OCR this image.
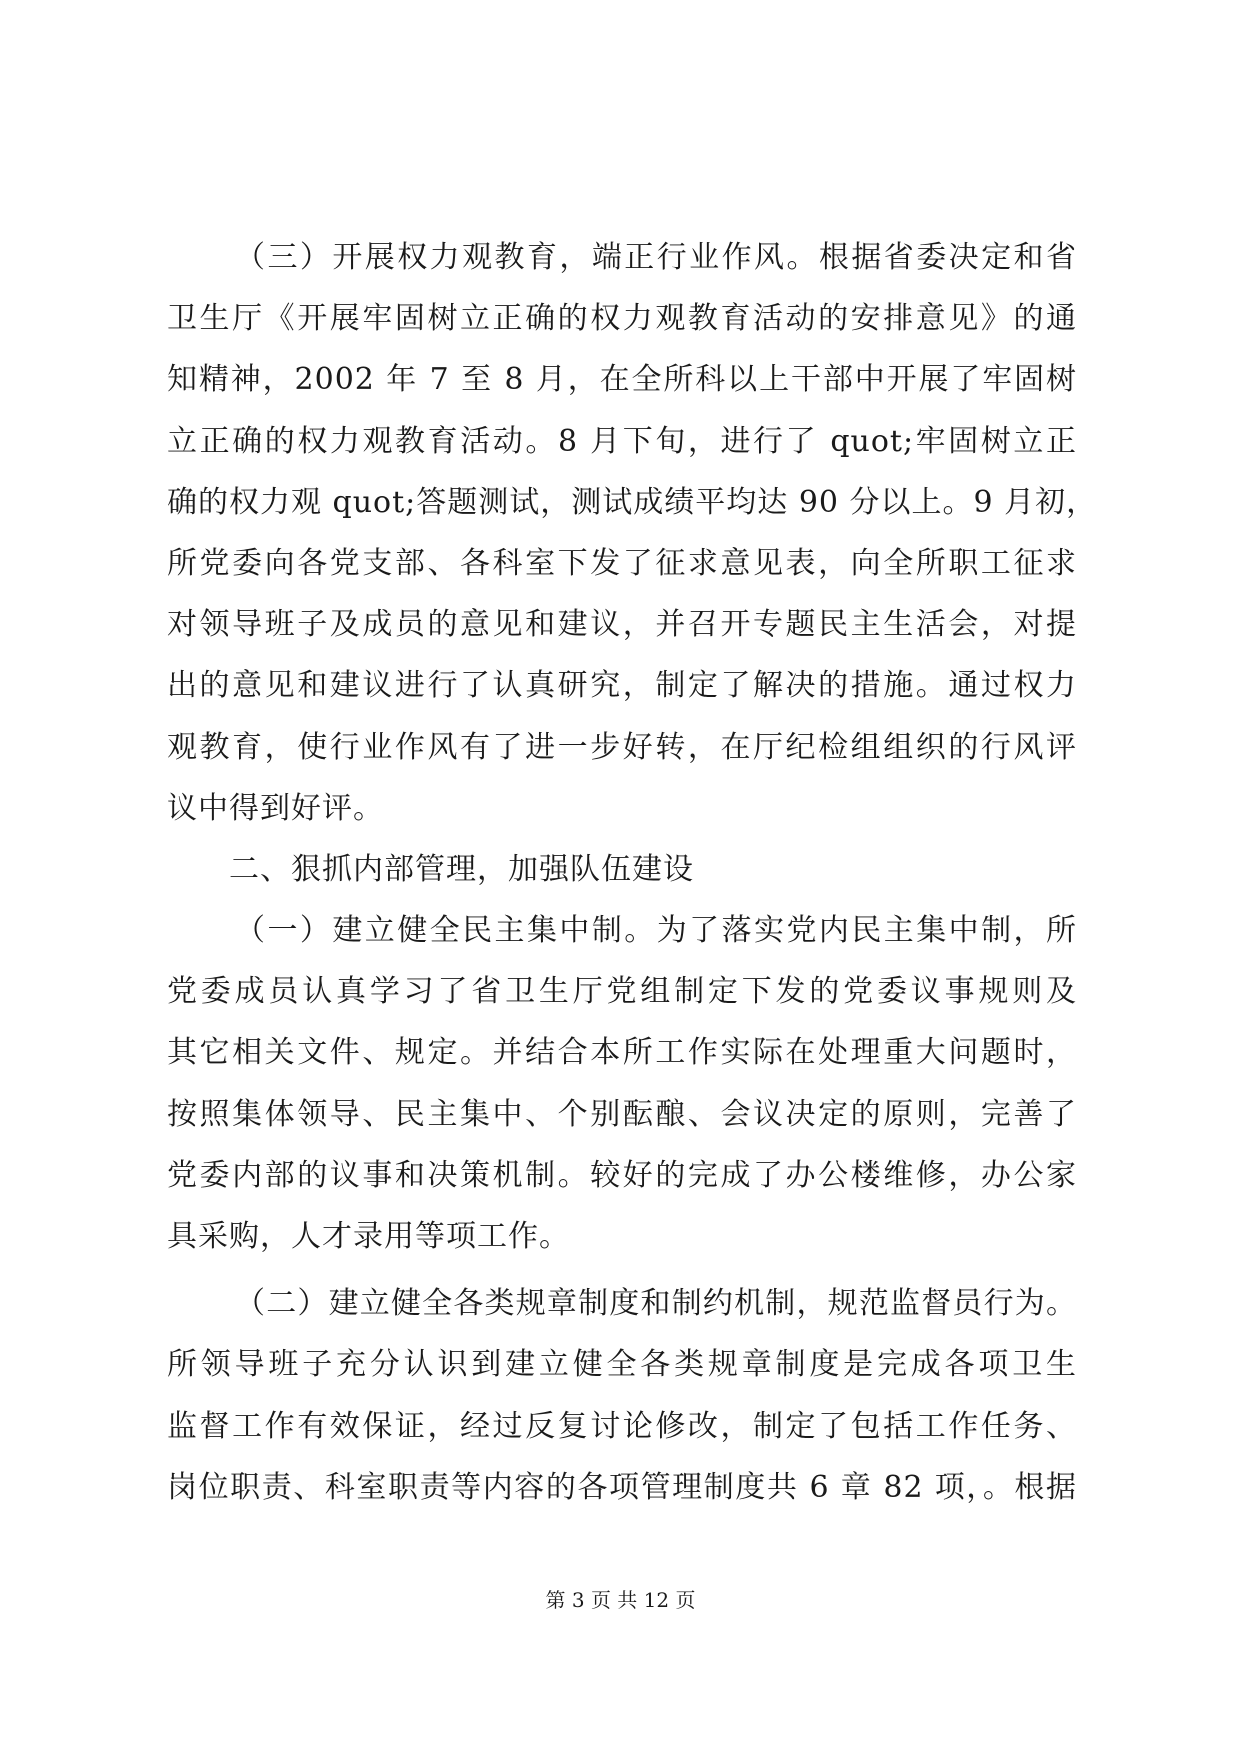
（三）开展权力观教育，端正行业作风。根据省委决定和省
卫生厅《开展牢固树立正确的权力观教育活动的安排意见》的通
知精神，2002 年 7 至 8 月，在全所科以上干部中开展了牢固树
立正确的权力观教育活动。8 月下旬，进行了 quot;牢固树立正
确的权力观 quot;答题测试，测试成绩平均达 90 分以上。9 月初，
所党委向各党支部、各科室下发了征求意见表，向全所职工征求
对领导班子及成员的意见和建议，并召开专题民主生活会，对提
出的意见和建议进行了认真研究，制定了解决的措施。通过权力
观教育，使行业作风有了进一步好转，在厅纪检组组织的行风评
议中得到好评。
二、狠抓内部管理，加强队伍建设
（一）建立健全民主集中制。为了落实党内民主集中制，所
党委成员认真学习了省卫生厅党组制定下发的党委议事规则及
其它相关文件、规定。并结合本所工作实际在处理重大问题时，
按照集体领导、民主集中、个别酝酿、会议决定的原则，完善了
党委内部的议事和决策机制。较好的完成了办公楼维修，办公家
具采购，人才录用等项工作。
（二）建立健全各类规章制度和制约机制，规范监督员行为。
所领导班子充分认识到建立健全各类规章制度是完成各项卫生
监督工作有效保证，经过反复讨论修改，制定了包括工作任务、
岗位职责、科室职责等内容的各项管理制度共 6 章 82 项，。根据
第 3 页 共 12 页
